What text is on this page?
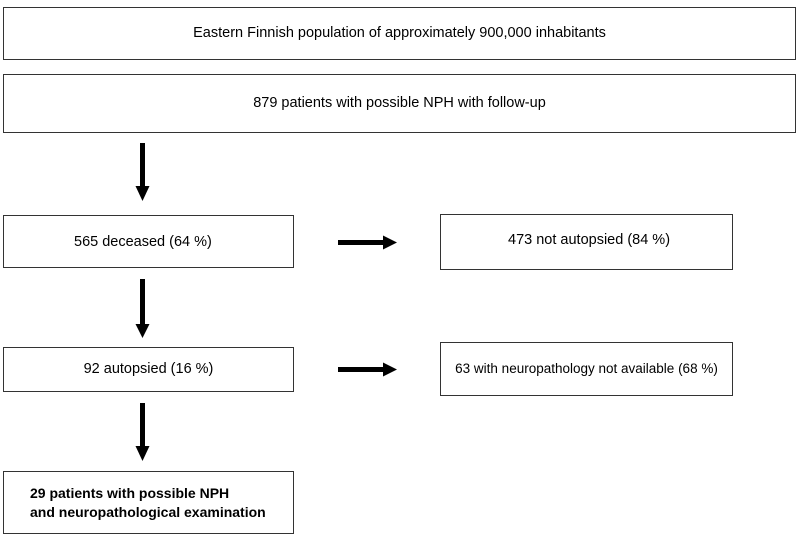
Eastern Finnish population of approximately 900,000 inhabitants
879 patients with possible NPH with follow-up
565 deceased (64 %)	473 not autopsied (84 %)
92 autopsied (16 %)	63 with neuropathology not available (68 %)
29 patients with possible NPH
and neuropathological examination
